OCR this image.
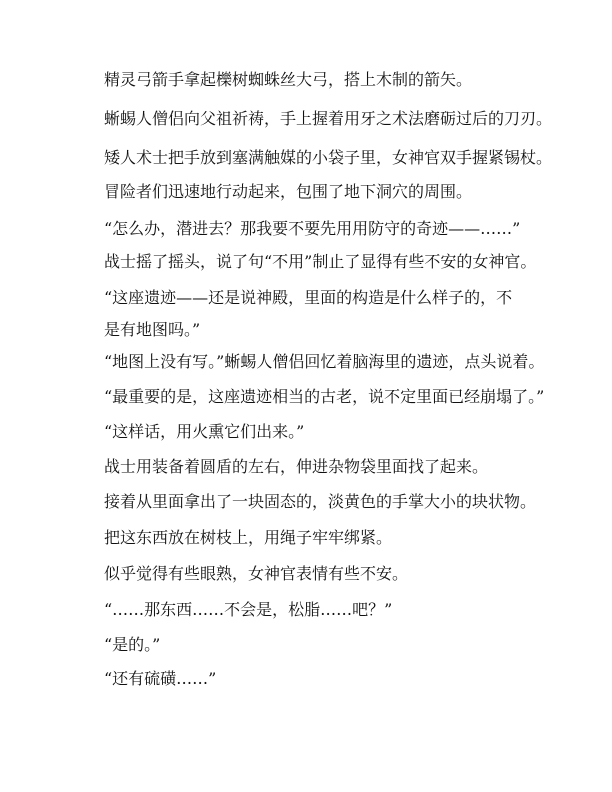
精灵弓箭手拿起櫟树蜘蛛丝大弓，搭上木制的箭矢。
蜥蜴人僧侣向父祖祈祷，手上握着用牙之术法磨砺过后的刀刃。
矮人术士把手放到塞满触媒的小袋子里，女神官双手握紧锡杖。
冒险者们迅速地行动起来，包围了地下洞穴的周围。
“怎么办，潜进去？那我要不要先用用防守的奇迹——……”
战士摇了摇头，说了句“不用”制止了显得有些不安的女神官。
“这座遗迹——还是说神殿，里面的构造是什么样子的，不是有地图吗。”
“地图上没有写。”蜥蜴人僧侣回忆着脑海里的遗迹，点头说着。
“最重要的是，这座遗迹相当的古老，说不定里面已经崩塌了。”
“这样话，用火熏它们出来。”
战士用装备着圆盾的左右，伸进杂物袋里面找了起来。
接着从里面拿出了一块固态的，淡黄色的手掌大小的块状物。
把这东西放在树枝上，用绳子牢牢绑紧。
似乎觉得有些眼熟，女神官表情有些不安。
“……那东西……不会是，松脂……吧？”
“是的。”
“还有硫磺……”
